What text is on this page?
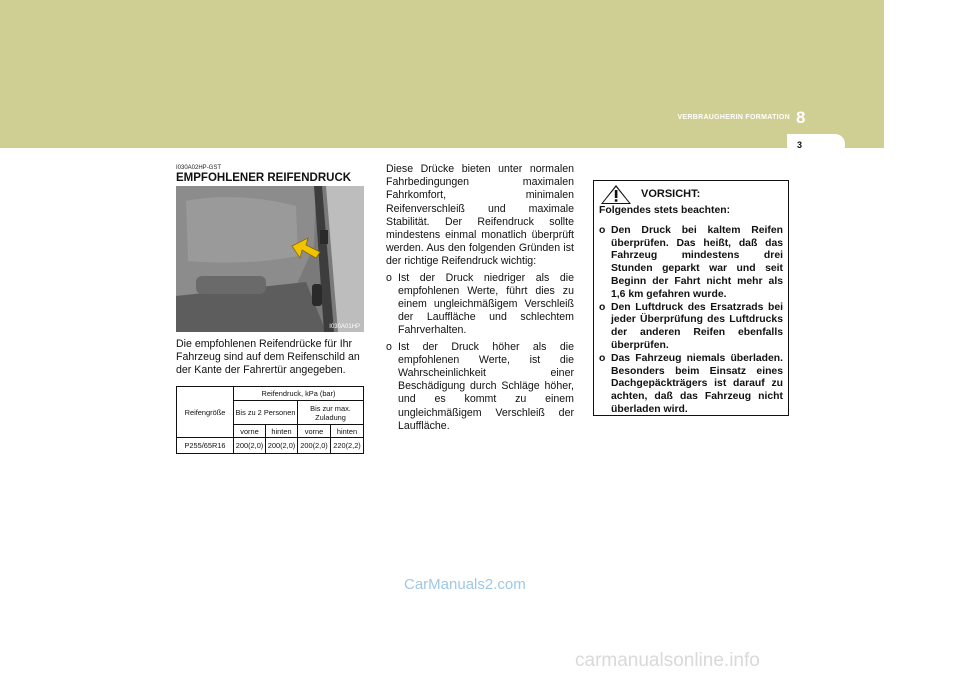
VERBRAUGHERIN FORMATION 8
3
I030A02HP-GST
EMPFOHLENER REIFENDRUCK
I030A01HP
Die empfohlenen Reifendrücke für Ihr Fahrzeug sind auf dem Reifenschild an der Kante der Fahrertür angegeben.
Reifengröße
Reifendruck, kPa (bar)
Bis zu 2 Personen	Bis zur max. Zuladung
vorne	hinten	vorne	hinten
P255/65R16	200(2,0) 200(2,0) 200(2,0) 220(2,2)

Diese Drücke bieten unter normalen Fahrbedingungen maximalen Fahrkomfort, minimalen Reifenverschleiß und maximale Stabilität. Der Reifendruck sollte mindestens einmal monatlich überprüft werden. Aus den folgenden Gründen ist der richtige Reifendruck wichtig:

o Ist der Druck niedriger als die empfohlenen Werte, führt dies zu einem ungleichmäßigem Verschleiß der Lauffläche und schlechtem Fahrverhalten.
o Ist der Druck höher als die empfohlenen Werte, ist die Wahrscheinlichkeit einer Beschädigung durch Schläge höher, und es kommt zu einem ungleichmäßigem Verschleiß der Lauffläche.
VORSICHT:
Folgendes stets beachten:
o Den Druck bei kaltem Reifen überprüfen. Das heißt, daß das Fahrzeug mindestens drei Stunden geparkt war und seit Beginn der Fahrt nicht mehr als 1,6 km gefahren wurde.
o Den Luftdruck des Ersatzrads bei jeder Überprüfung des Luftdrucks der anderen Reifen ebenfalls überprüfen.
o Das Fahrzeug niemals überladen. Besonders beim Einsatz eines Dachgepäckträgers ist darauf zu achten, daß das Fahrzeug nicht überladen wird.
CarManuals2.com
carmanualsonline.info
